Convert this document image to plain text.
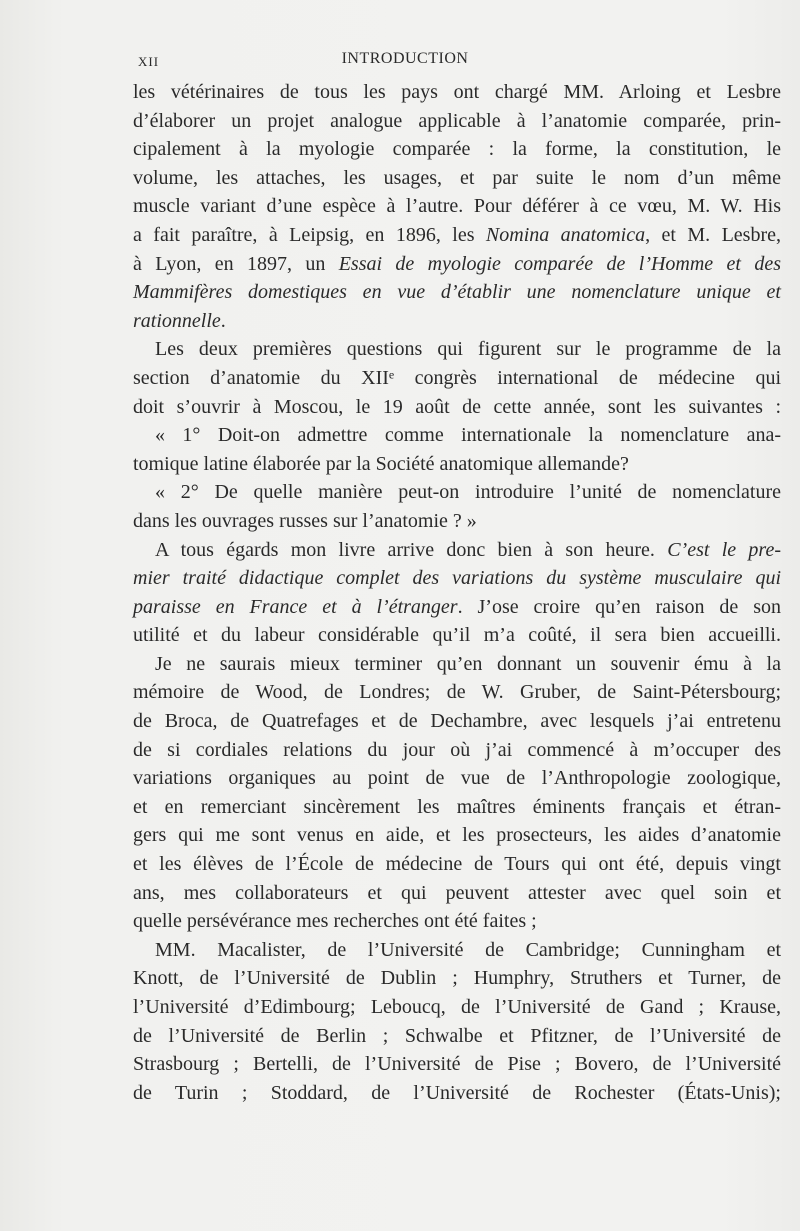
XII	INTRODUCTION
les vétérinaires de tous les pays ont chargé MM. Arloing et Lesbre
d’élaborer un projet analogue applicable à l’anatomie comparée, prin-
cipalement à la myologie comparée : la forme, la constitution, le
volume, les attaches, les usages, et par suite le nom d’un même
muscle variant d’une espèce à l’autre. Pour déférer à ce vœu, M. W. His
a fait paraître, à Leipsig, en 1896, les Nomina anatomica, et M. Lesbre,
à Lyon, en 1897, un Essai de myologie comparée de l’Homme et des
Mammifères domestiques en vue d’établir une nomenclature unique et
rationnelle.
Les deux premières questions qui figurent sur le programme de la
section d’anatomie du XIIᵉ congrès international de médecine qui
doit s’ouvrir à Moscou, le 19 août de cette année, sont les suivantes :
« 1° Doit-on admettre comme internationale la nomenclature ana-
tomique latine élaborée par la Société anatomique allemande?
« 2° De quelle manière peut-on introduire l’unité de nomenclature
dans les ouvrages russes sur l’anatomie ? »
A tous égards mon livre arrive donc bien à son heure. C’est le pre-
mier traité didactique complet des variations du système musculaire qui
paraisse en France et à l’étranger. J’ose croire qu’en raison de son
utilité et du labeur considérable qu’il m’a coûté, il sera bien accueilli.
Je ne saurais mieux terminer qu’en donnant un souvenir ému à la
mémoire de Wood, de Londres; de W. Gruber, de Saint-Pétersbourg;
de Broca, de Quatrefages et de Dechambre, avec lesquels j’ai entretenu
de si cordiales relations du jour où j’ai commencé à m’occuper des
variations organiques au point de vue de l’Anthropologie zoologique,
et en remerciant sincèrement les maîtres éminents français et étran-
gers qui me sont venus en aide, et les prosecteurs, les aides d’anatomie
et les élèves de l’École de médecine de Tours qui ont été, depuis vingt
ans, mes collaborateurs et qui peuvent attester avec quel soin et
quelle persévérance mes recherches ont été faites ;
MM. Macalister, de l’Université de Cambridge; Cunningham et
Knott, de l’Université de Dublin ; Humphry, Struthers et Turner, de
l’Université d’Edimbourg; Leboucq, de l’Université de Gand ; Krause,
de l’Université de Berlin ; Schwalbe et Pfitzner, de l’Université de
Strasbourg ; Bertelli, de l’Université de Pise ; Bovero, de l’Université
de Turin ; Stoddard, de l’Université de Rochester (États-Unis);
